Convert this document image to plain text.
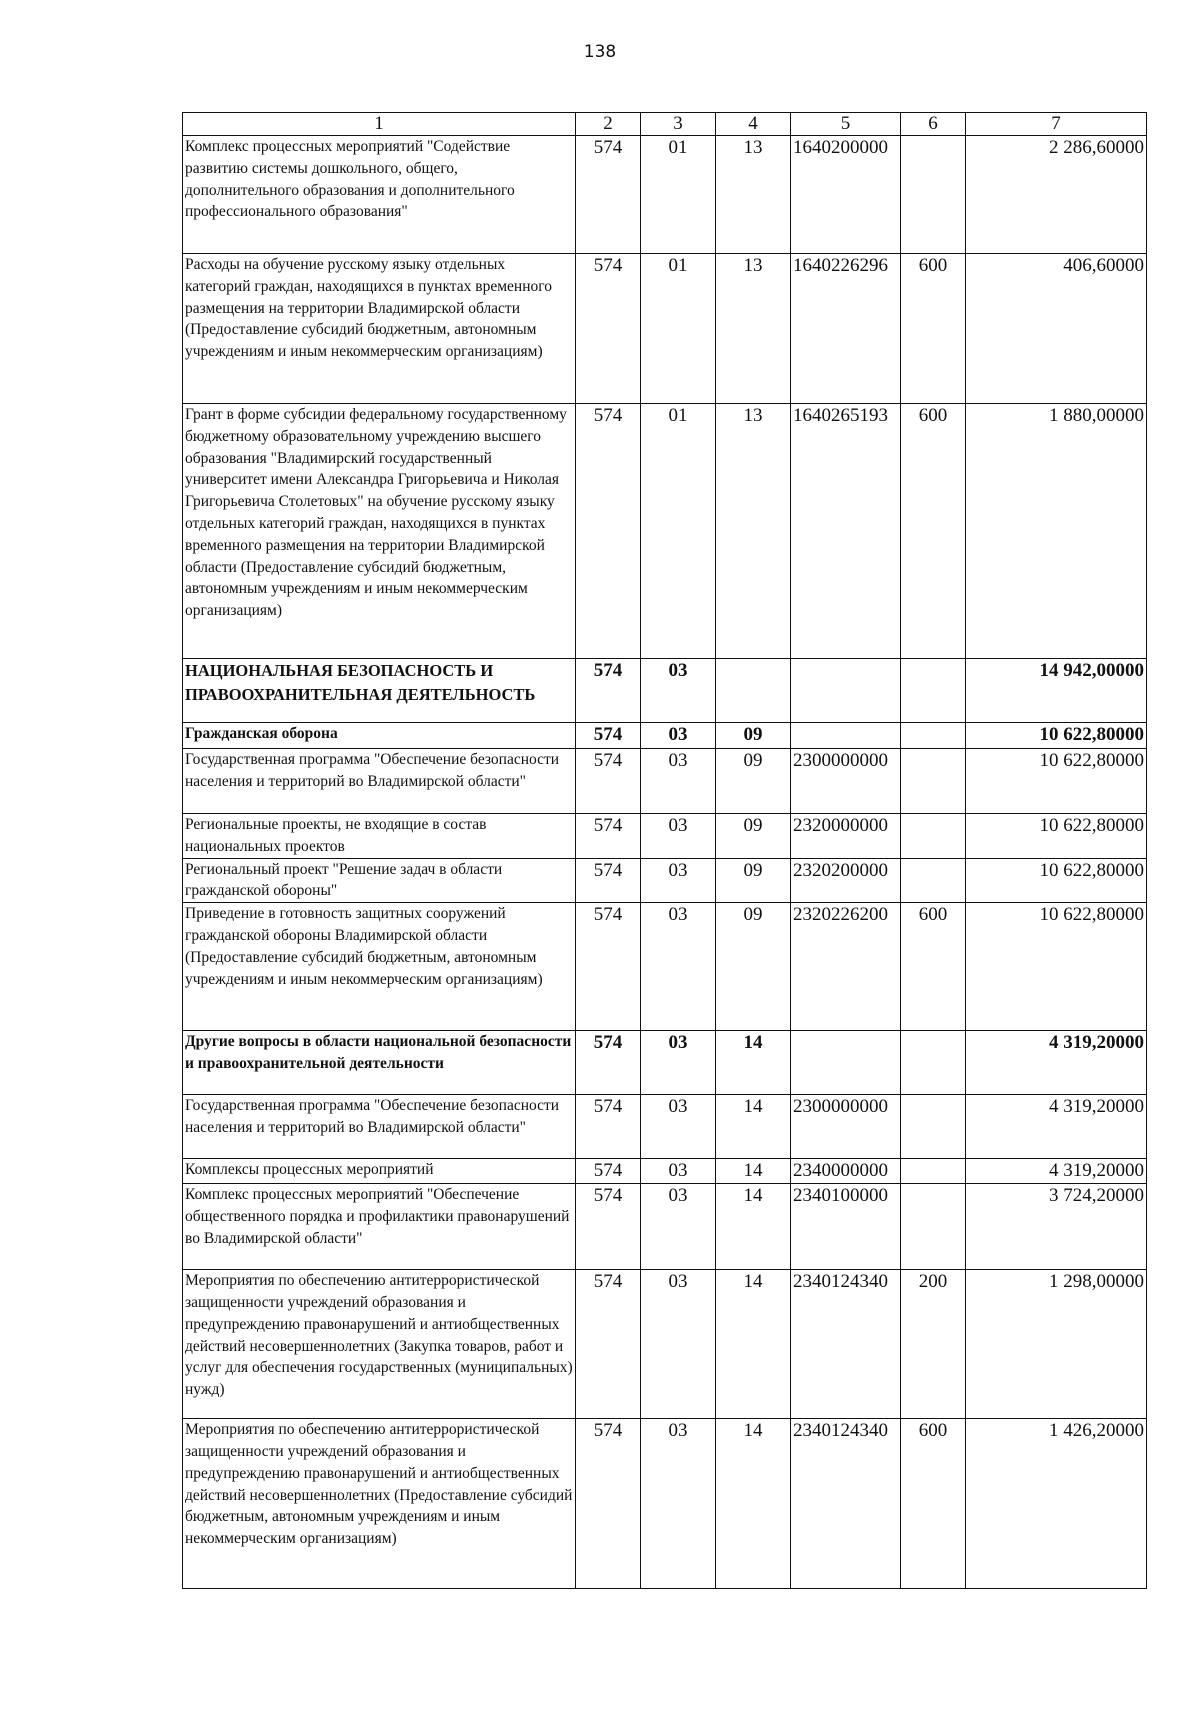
138
1	2	3	4	5	6	7
Комплекс процессных мероприятий "Содействие развитию системы дошкольного, общего, дополнительного образования и дополнительного профессионального образования"	574	01	13	1640200000		2 286,60000
Расходы на обучение русскому языку отдельных категорий граждан, находящихся в пунктах временного размещения на территории Владимирской области (Предоставление субсидий бюджетным, автономным учреждениям и иным некоммерческим организациям)	574	01	13	1640226296	600	406,60000
Грант в форме субсидии федеральному государственному бюджетному образовательному учреждению высшего образования "Владимирский государственный университет имени Александра Григорьевича и Николая Григорьевича Столетовых" на обучение русскому языку отдельных категорий граждан, находящихся в пунктах временного размещения на территории Владимирской области (Предоставление субсидий бюджетным, автономным учреждениям и иным некоммерческим организациям)	574	01	13	1640265193	600	1 880,00000
НАЦИОНАЛЬНАЯ БЕЗОПАСНОСТЬ И ПРАВООХРАНИТЕЛЬНАЯ ДЕЯТЕЛЬНОСТЬ	574	03				14 942,00000
Гражданская оборона	574	03	09			10 622,80000
Государственная программа "Обеспечение безопасности населения и территорий во Владимирской области"	574	03	09	2300000000		10 622,80000
Региональные проекты, не входящие в состав национальных проектов	574	03	09	2320000000		10 622,80000
Региональный проект "Решение задач в области гражданской обороны"	574	03	09	2320200000		10 622,80000
Приведение в готовность защитных сооружений гражданской обороны Владимирской области (Предоставление субсидий бюджетным, автономным учреждениям и иным некоммерческим организациям)	574	03	09	2320226200	600	10 622,80000
Другие вопросы в области национальной безопасности и правоохранительной деятельности	574	03	14			4 319,20000
Государственная программа "Обеспечение безопасности населения и территорий во Владимирской области"	574	03	14	2300000000		4 319,20000
Комплексы процессных мероприятий	574	03	14	2340000000		4 319,20000
Комплекс процессных мероприятий "Обеспечение общественного порядка и профилактики правонарушений во Владимирской области"	574	03	14	2340100000		3 724,20000
Мероприятия по обеспечению антитеррористической защищенности учреждений образования и предупреждению правонарушений и антиобщественных действий несовершеннолетних (Закупка товаров, работ и услуг для обеспечения государственных (муниципальных) нужд)	574	03	14	2340124340	200	1 298,00000
Мероприятия по обеспечению антитеррористической защищенности учреждений образования и предупреждению правонарушений и антиобщественных действий несовершеннолетних (Предоставление субсидий бюджетным, автономным учреждениям и иным некоммерческим организациям)	574	03	14	2340124340	600	1 426,20000
